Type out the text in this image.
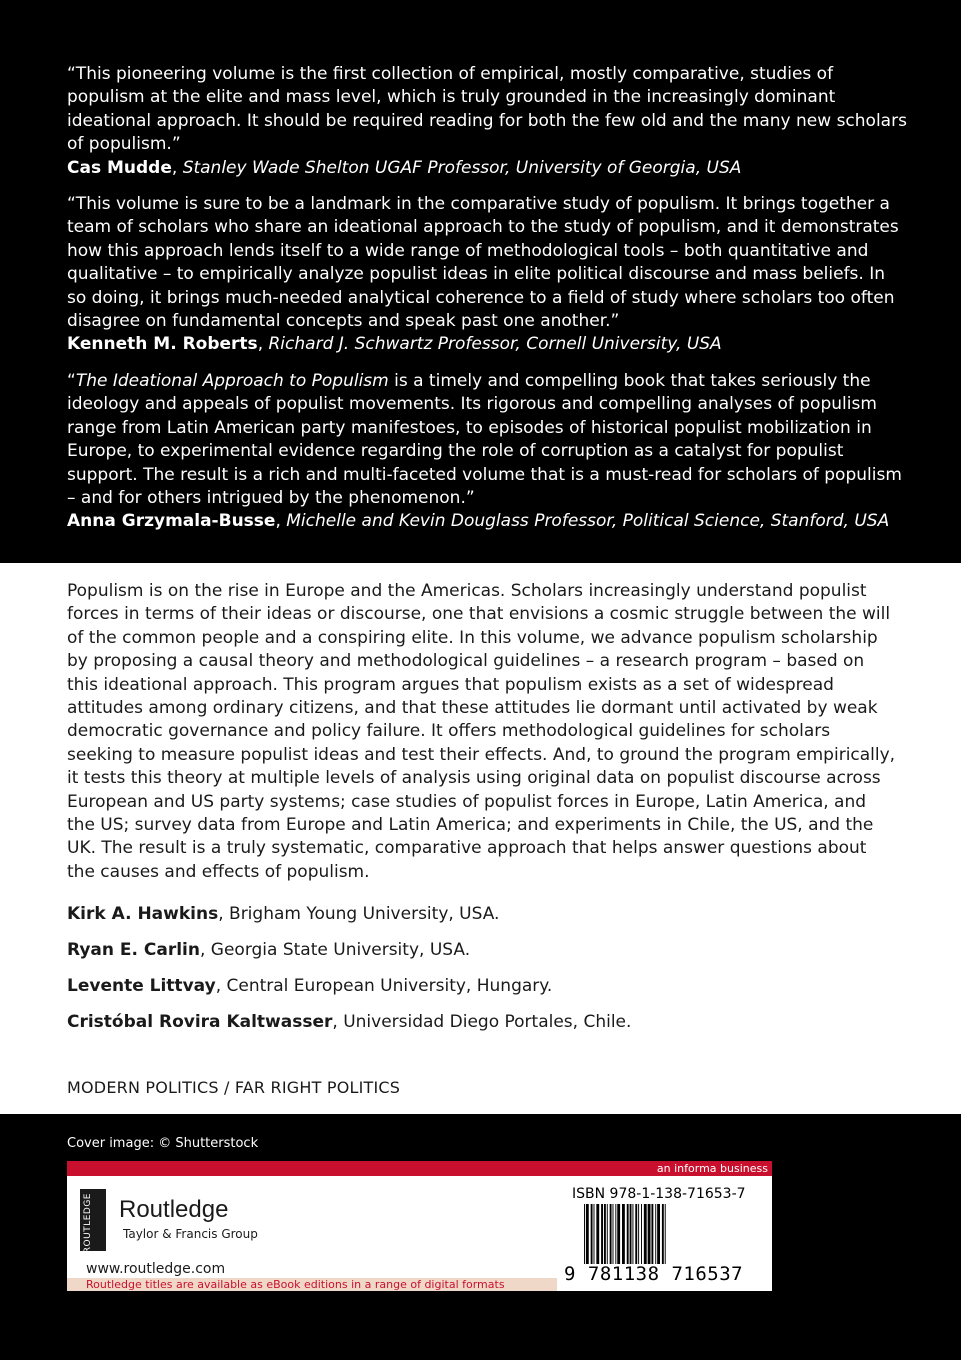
“This pioneering volume is the first collection of empirical, mostly comparative, studies of populism at the elite and mass level, which is truly grounded in the increasingly dominant ideational approach. It should be required reading for both the few old and the many new scholars of populism.”

Cas Mudde, Stanley Wade Shelton UGAF Professor, University of Georgia, USA

“This volume is sure to be a landmark in the comparative study of populism. It brings together a team of scholars who share an ideational approach to the study of populism, and it demonstrates how this approach lends itself to a wide range of methodological tools – both quantitative and qualitative – to empirically analyze populist ideas in elite political discourse and mass beliefs. In so doing, it brings much-needed analytical coherence to a field of study where scholars too often disagree on fundamental concepts and speak past one another.”

Kenneth M. Roberts, Richard J. Schwartz Professor, Cornell University, USA

“The Ideational Approach to Populism is a timely and compelling book that takes seriously the ideology and appeals of populist movements. Its rigorous and compelling analyses of populism range from Latin American party manifestoes, to episodes of historical populist mobilization in Europe, to experimental evidence regarding the role of corruption as a catalyst for populist support. The result is a rich and multi-faceted volume that is a must-read for scholars of populism – and for others intrigued by the phenomenon.”

Anna Grzymala-Busse, Michelle and Kevin Douglass Professor, Political Science, Stanford, USA

Populism is on the rise in Europe and the Americas. Scholars increasingly understand populist forces in terms of their ideas or discourse, one that envisions a cosmic struggle between the will of the common people and a conspiring elite. In this volume, we advance populism scholarship by proposing a causal theory and methodological guidelines – a research program – based on this ideational approach. This program argues that populism exists as a set of widespread attitudes among ordinary citizens, and that these attitudes lie dormant until activated by weak democratic governance and policy failure. It offers methodological guidelines for scholars seeking to measure populist ideas and test their effects. And, to ground the program empirically, it tests this theory at multiple levels of analysis using original data on populist discourse across European and US party systems; case studies of populist forces in Europe, Latin America, and the US; survey data from Europe and Latin America; and experiments in Chile, the US, and the UK. The result is a truly systematic, comparative approach that helps answer questions about the causes and effects of populism.

Kirk A. Hawkins, Brigham Young University, USA.
Ryan E. Carlin, Georgia State University, USA.
Levente Littvay, Central European University, Hungary.
Cristóbal Rovira Kaltwasser, Universidad Diego Portales, Chile.
MODERN POLITICS / FAR RIGHT POLITICS
Cover image: © Shutterstock
an informa business
ROUTLEDGE Routledge
Taylor & Francis Group
www.routledge.com
Routledge titles are available as eBook editions in a range of digital formats
ISBN 978-1-138-71653-7
9 781138 716537
